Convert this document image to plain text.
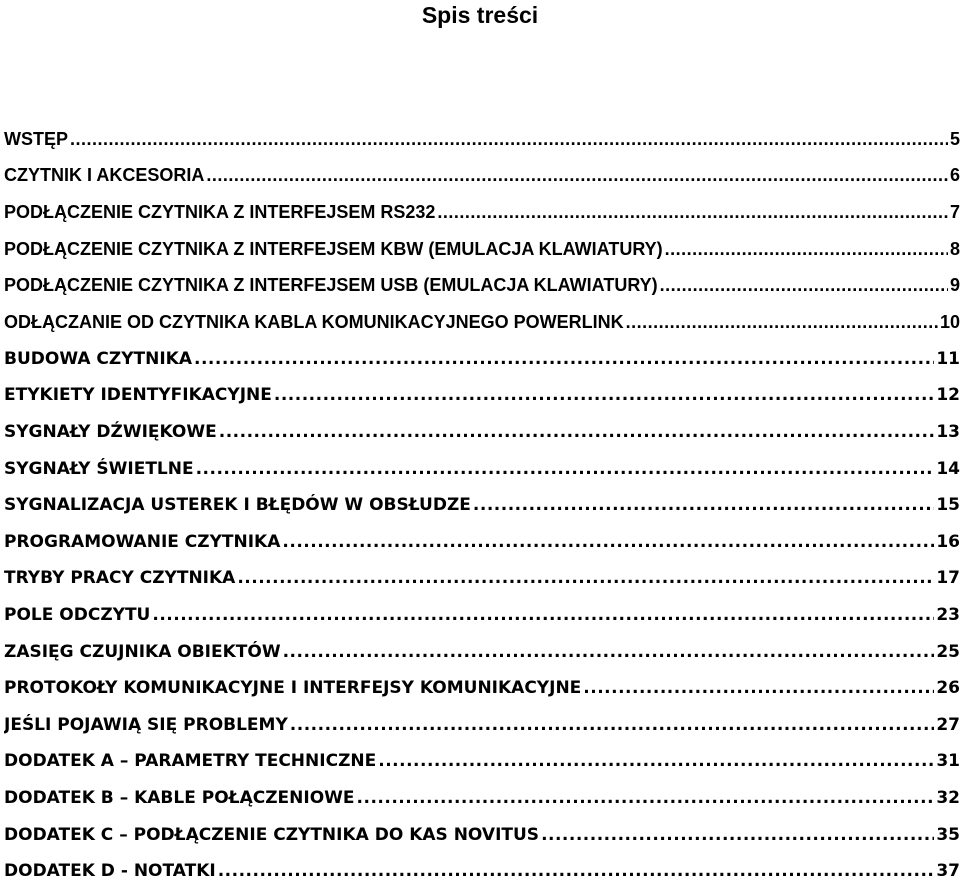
Spis treści
WSTĘP .....	5
CZYTNIK I AKCESORIA .....	6
PODŁĄCZENIE CZYTNIKA Z INTERFEJSEM RS232 .....	7
PODŁĄCZENIE CZYTNIKA Z INTERFEJSEM KBW (EMULACJA KLAWIATURY) .....	8
PODŁĄCZENIE CZYTNIKA Z INTERFEJSEM USB (EMULACJA KLAWIATURY) .....	9
ODŁĄCZANIE OD CZYTNIKA KABLA KOMUNIKACYJNEGO POWERLINK .....	10
BUDOWA CZYTNIKA .....	11
ETYKIETY IDENTYFIKACYJNE .....	12
SYGNAŁY DŹWIĘKOWE .....	13
SYGNAŁY ŚWIETLNE .....	14
SYGNALIZACJA USTEREK I BŁĘDÓW W OBSŁUDZE .....	15
PROGRAMOWANIE CZYTNIKA .....	16
TRYBY PRACY CZYTNIKA .....	17
POLE ODCZYTU .....	23
ZASIĘG CZUJNIKA OBIEKTÓW .....	25
PROTOKOŁY KOMUNIKACYJNE I INTERFEJSY KOMUNIKACYJNE .....	26
JEŚLI POJAWIĄ SIĘ PROBLEMY .....	27
DODATEK A – PARAMETRY TECHNICZNE .....	31
DODATEK B – KABLE POŁĄCZENIOWE .....	32
DODATEK C – PODŁĄCZENIE CZYTNIKA DO KAS NOVITUS .....	35
DODATEK D - NOTATKI .....	37
